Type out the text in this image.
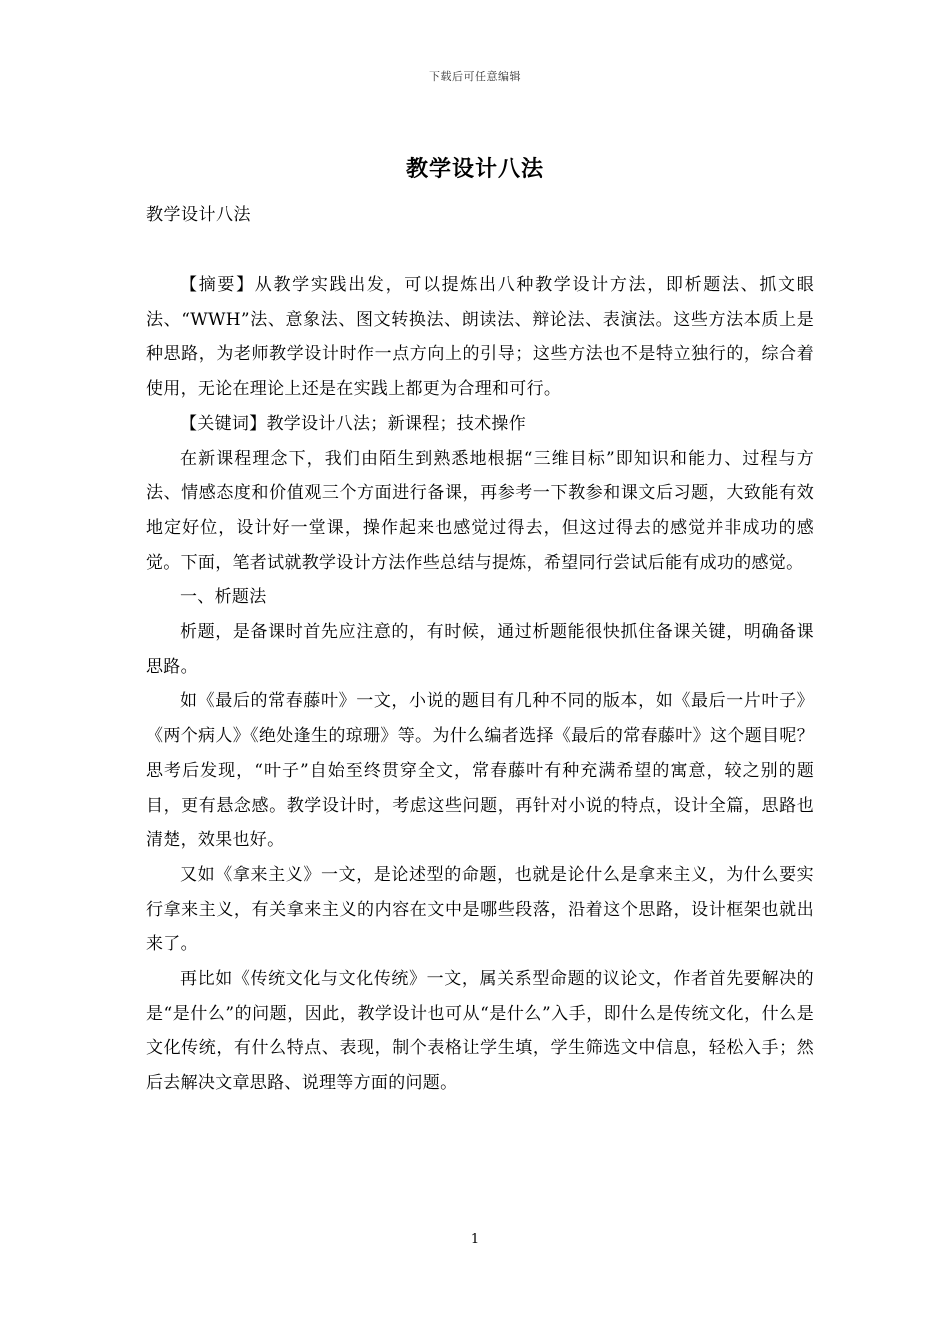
下载后可任意编辑
教学设计八法
教学设计八法

【摘要】从教学实践出发，可以提炼出八种教学设计方法，即析题法、抓文眼法、“WWH”法、意象法、图文转换法、朗读法、辩论法、表演法。这些方法本质上是种思路，为老师教学设计时作一点方向上的引导；这些方法也不是特立独行的，综合着使用，无论在理论上还是在实践上都更为合理和可行。

【关键词】教学设计八法；新课程；技术操作

在新课程理念下，我们由陌生到熟悉地根据“三维目标”即知识和能力、过程与方法、情感态度和价值观三个方面进行备课，再参考一下教参和课文后习题，大致能有效地定好位，设计好一堂课，操作起来也感觉过得去，但这过得去的感觉并非成功的感觉。下面，笔者试就教学设计方法作些总结与提炼，希望同行尝试后能有成功的感觉。

一、析题法

析题，是备课时首先应注意的，有时候，通过析题能很快抓住备课关键，明确备课思路。

如《最后的常春藤叶》一文，小说的题目有几种不同的版本，如《最后一片叶子》《两个病人》《绝处逢生的琼珊》等。为什么编者选择《最后的常春藤叶》这个题目呢？思考后发现，“叶子”自始至终贯穿全文，常春藤叶有种充满希望的寓意，较之别的题目，更有悬念感。教学设计时，考虑这些问题，再针对小说的特点，设计全篇，思路也清楚，效果也好。

又如《拿来主义》一文，是论述型的命题，也就是论什么是拿来主义，为什么要实行拿来主义，有关拿来主义的内容在文中是哪些段落，沿着这个思路，设计框架也就出来了。

再比如《传统文化与文化传统》一文，属关系型命题的议论文，作者首先要解决的是“是什么”的问题，因此，教学设计也可从“是什么”入手，即什么是传统文化，什么是文化传统，有什么特点、表现，制个表格让学生填，学生筛选文中信息，轻松入手；然后去解决文章思路、说理等方面的问题。

1
